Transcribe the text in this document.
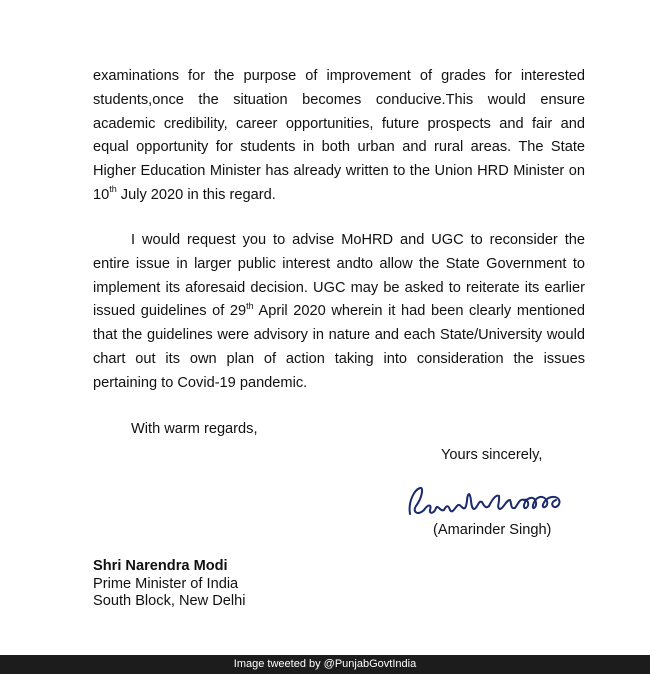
examinations for the purpose of improvement of grades for interested
students,once the situation becomes conducive.This would ensure
academic credibility, career opportunities, future prospects and fair and
equal opportunity for students in both urban and rural areas. The State
Higher Education Minister has already written to the Union HRD Minister on
10th July 2020 in this regard.
I would request you to advise MoHRD and UGC to reconsider the
entire issue in larger public interest andto allow the State Government to
implement its aforesaid decision. UGC may be asked to reiterate its earlier
issued guidelines of 29th April 2020 wherein it had been clearly mentioned
that the guidelines were advisory in nature and each State/University would
chart out its own plan of action taking into consideration the issues
pertaining to Covid-19 pandemic.

With warm regards,

Yours sincerely,

(Amarinder Singh)

Shri Narendra Modi
Prime Minister of India
South Block, New Delhi
Image tweeted by @PunjabGovtIndia
